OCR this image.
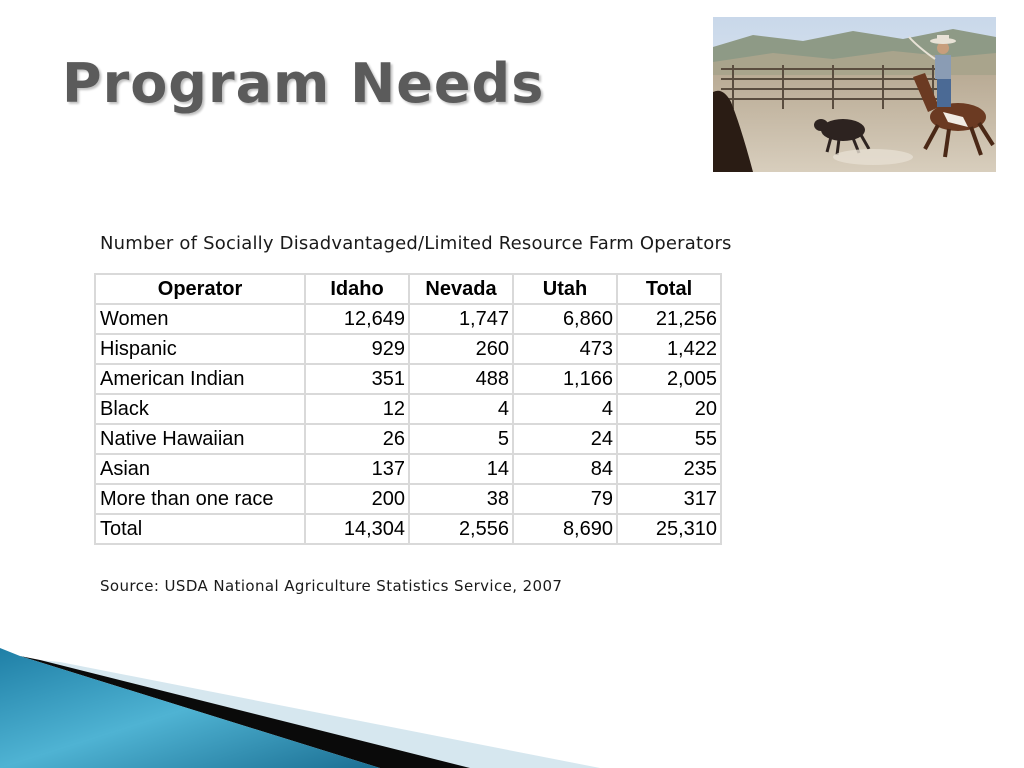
Program Needs
Number of Socially Disadvantaged/Limited Resource Farm Operators
Operator	Idaho	Nevada	Utah	Total
Women	12,649	1,747	6,860	21,256
Hispanic	929	260	473	1,422
American Indian	351	488	1,166	2,005
Black	12	4	4	20
Native Hawaiian	26	5	24	55
Asian	137	14	84	235
More than one race	200	38	79	317
Total	14,304	2,556	8,690	25,310
Source: USDA National Agriculture Statistics Service, 2007
